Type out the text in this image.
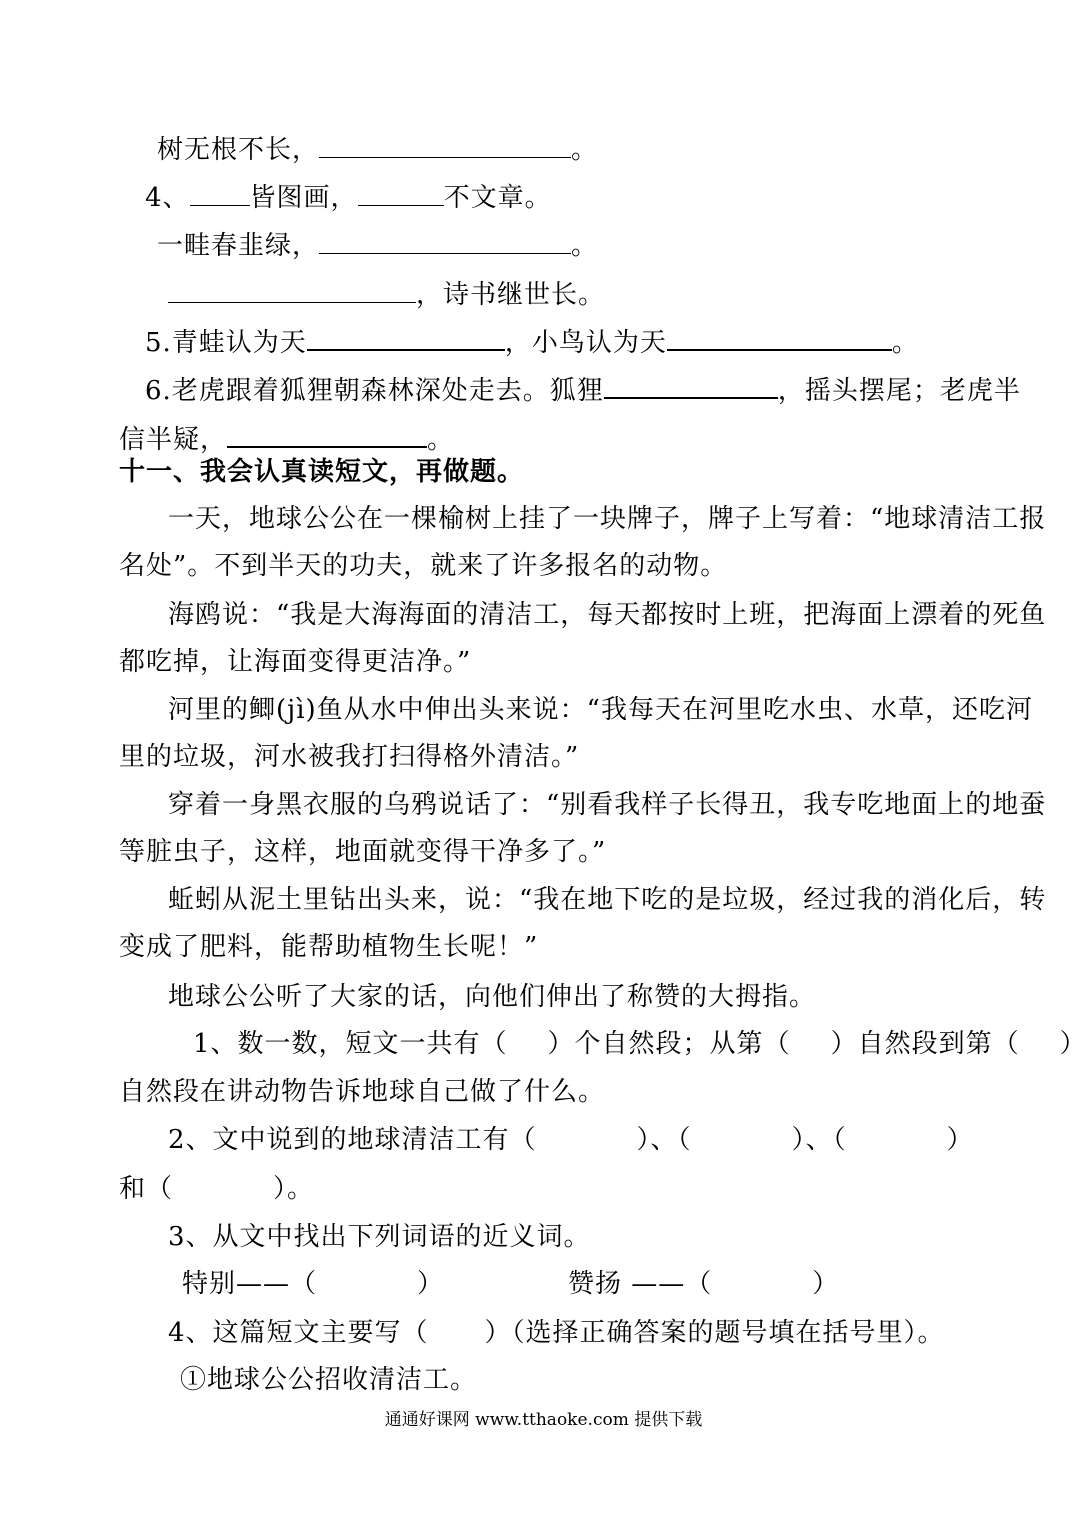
树无根不长，	。
4、 皆图画，	不文章。
一畦春韭绿，	。
，诗书继世长。
5.青蛙认为天	，小鸟认为天	。
6.老虎跟着狐狸朝森林深处走去。狐狸	，摇头摆尾；老虎半
信半疑，	。
十一、我会认真读短文，再做题。
一天，地球公公在一棵榆树上挂了一块牌子，牌子上写着：“地球清洁工报
名处”。不到半天的功夫，就来了许多报名的动物。
海鸥说：“我是大海海面的清洁工，每天都按时上班，把海面上漂着的死鱼
都吃掉，让海面变得更洁净。”
河里的鲫(jì)鱼从水中伸出头来说：“我每天在河里吃水虫、水草，还吃河
里的垃圾，河水被我打扫得格外清洁。”
穿着一身黑衣服的乌鸦说话了：“别看我样子长得丑，我专吃地面上的地蚕
等脏虫子，这样，地面就变得干净多了。”
蚯蚓从泥土里钻出头来，说：“我在地下吃的是垃圾，经过我的消化后，转
变成了肥料，能帮助植物生长呢！”
地球公公听了大家的话，向他们伸出了称赞的大拇指。
1、数一数，短文一共有（ ）个自然段；从第（ ）自然段到第（ ）
自然段在讲动物告诉地球自己做了什么。
2、文中说到的地球清洁工有（	）、（	）、（	）
和（	）。
3、从文中找出下列词语的近义词。
特别——（	）	赞扬 ——（	）
4、这篇短文主要写（ ）（选择正确答案的题号填在括号里）。
①地球公公招收清洁工。
通通好课网 www.tthaoke.com 提供下载
